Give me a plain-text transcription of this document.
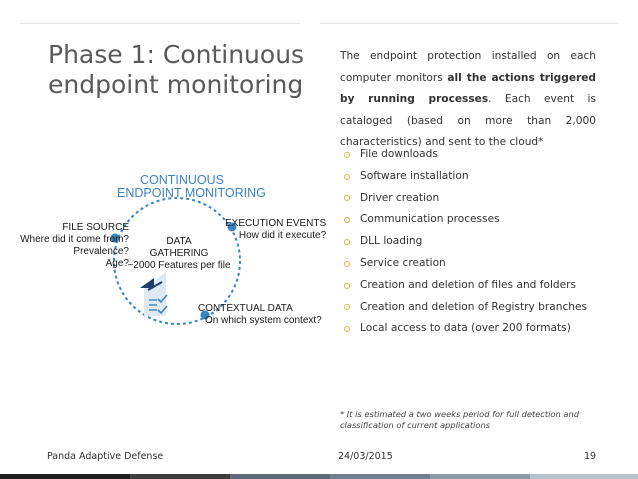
Phase 1: Continuous
endpoint monitoring
The endpoint protection installed on each computer monitors all the actions triggered by running processes. Each event is cataloged (based on more than 2,000 characteristics) and sent to the cloud*
File downloads
Software installation
Driver creation
Communication processes
DLL loading
Service creation
Creation and deletion of files and folders
Creation and deletion of Registry branches
Local access to data (over 200 formats)
* It is estimated a two weeks period for full detection and classification of current applications
CONTINUOUS
ENDPOINT MONITORING
FILE SOURCE
Where did it come from?
Prevalence?
Age?
EXECUTION EVENTS
How did it execute?
DATA
GATHERING
~2000 Features per file
CONTEXTUAL DATA
On which system context?
Panda Adaptive Defense	24/03/2015	19
